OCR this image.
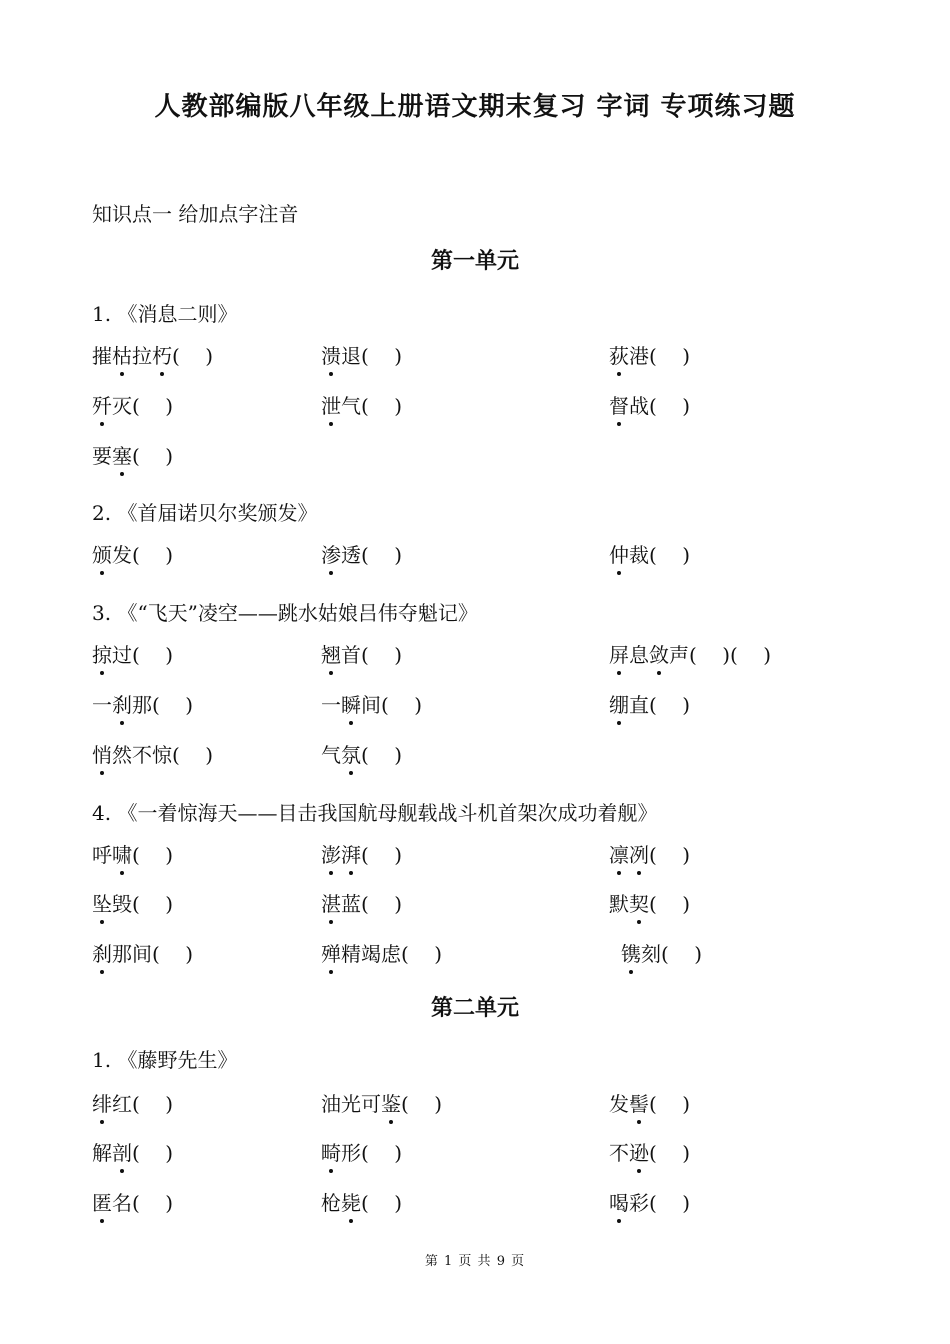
人教部编版八年级上册语文期末复习 字词 专项练习题
知识点一 给加点字注音
第一单元
1. 《消息二则》
摧枯拉朽(    )	溃退(    )	荻港(    )
歼灭(    )	泄气(    )	督战(    )
要塞(    )
2. 《首届诺贝尔奖颁发》
颁发(    )	渗透(    )	仲裁(    )
3. 《“飞天”凌空——跳水姑娘吕伟夺魁记》
掠过(    )	翘首(    )	屏息敛声(    )(    )
一刹那(    )	一瞬间(    )	绷直(    )
悄然不惊(    )	气氛(    )
4. 《一着惊海天——目击我国航母舰载战斗机首架次成功着舰》
呼啸(    )	澎湃(    )	凛冽(    )
坠毁(    )	湛蓝(    )	默契(    )
刹那间(    )	殚精竭虑(    )	镌刻(    )
第二单元
1. 《藤野先生》
绯红(    )	油光可鉴(    )	发髻(    )
解剖(    )	畸形(    )	不逊(    )
匿名(    )	枪毙(    )	喝彩(    )
第 1 页 共 9 页
